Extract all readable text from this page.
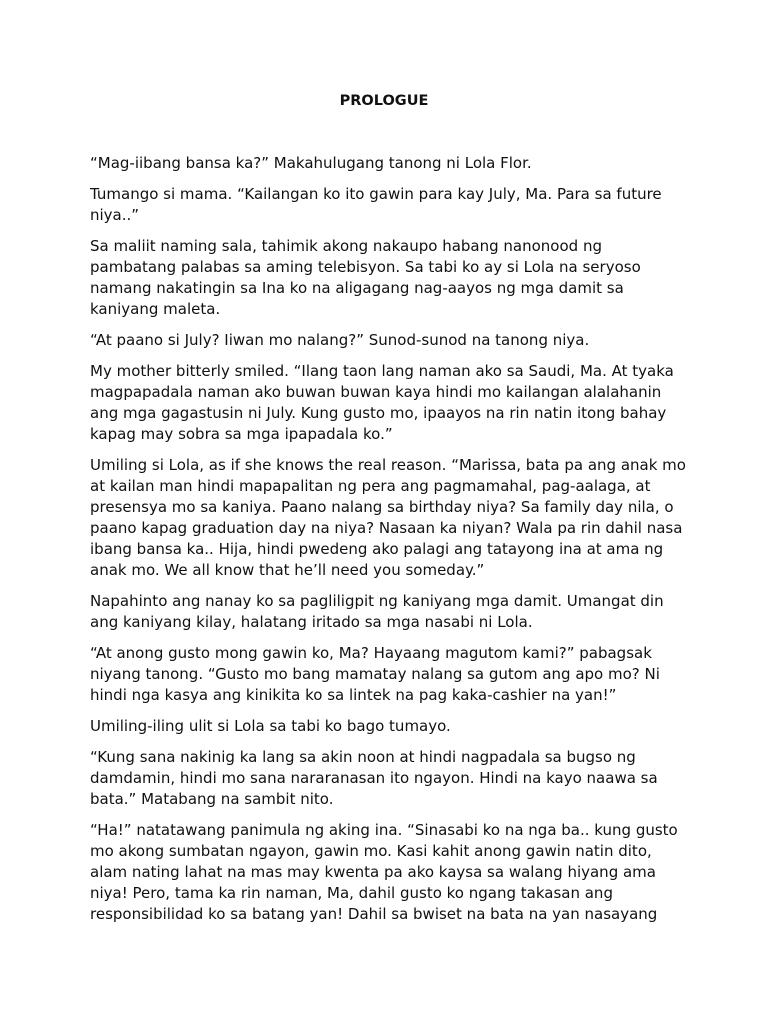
PROLOGUE

“Mag-iibang bansa ka?” Makahulugang tanong ni Lola Flor.

Tumango si mama. “Kailangan ko ito gawin para kay July, Ma. Para sa future niya..”

Sa maliit naming sala, tahimik akong nakaupo habang nanonood ng pambatang palabas sa aming telebisyon. Sa tabi ko ay si Lola na seryoso namang nakatingin sa Ina ko na aligagang nag-aayos ng mga damit sa kaniyang maleta.

“At paano si July? Iiwan mo nalang?” Sunod-sunod na tanong niya.

My mother bitterly smiled. “Ilang taon lang naman ako sa Saudi, Ma. At tyaka magpapadala naman ako buwan buwan kaya hindi mo kailangan alalahanin ang mga gagastusin ni July. Kung gusto mo, ipaayos na rin natin itong bahay kapag may sobra sa mga ipapadala ko.”

Umiling si Lola, as if she knows the real reason. “Marissa, bata pa ang anak mo at kailan man hindi mapapalitan ng pera ang pagmamahal, pag-aalaga, at presensya mo sa kaniya. Paano nalang sa birthday niya? Sa family day nila, o paano kapag graduation day na niya? Nasaan ka niyan? Wala pa rin dahil nasa ibang bansa ka.. Hija, hindi pwedeng ako palagi ang tatayong ina at ama ng anak mo. We all know that he’ll need you someday.”

Napahinto ang nanay ko sa pagliligpit ng kaniyang mga damit. Umangat din ang kaniyang kilay, halatang iritado sa mga nasabi ni Lola.

“At anong gusto mong gawin ko, Ma? Hayaang magutom kami?” pabagsak niyang tanong. “Gusto mo bang mamatay nalang sa gutom ang apo mo? Ni hindi nga kasya ang kinikita ko sa lintek na pag kaka-cashier na yan!”

Umiling-iling ulit si Lola sa tabi ko bago tumayo.

“Kung sana nakinig ka lang sa akin noon at hindi nagpadala sa bugso ng damdamin, hindi mo sana nararanasan ito ngayon. Hindi na kayo naawa sa bata.” Matabang na sambit nito.

“Ha!” natatawang panimula ng aking ina. “Sinasabi ko na nga ba.. kung gusto mo akong sumbatan ngayon, gawin mo. Kasi kahit anong gawin natin dito, alam nating lahat na mas may kwenta pa ako kaysa sa walang hiyang ama niya! Pero, tama ka rin naman, Ma, dahil gusto ko ngang takasan ang responsibilidad ko sa batang yan! Dahil sa bwiset na bata na yan nasayang
